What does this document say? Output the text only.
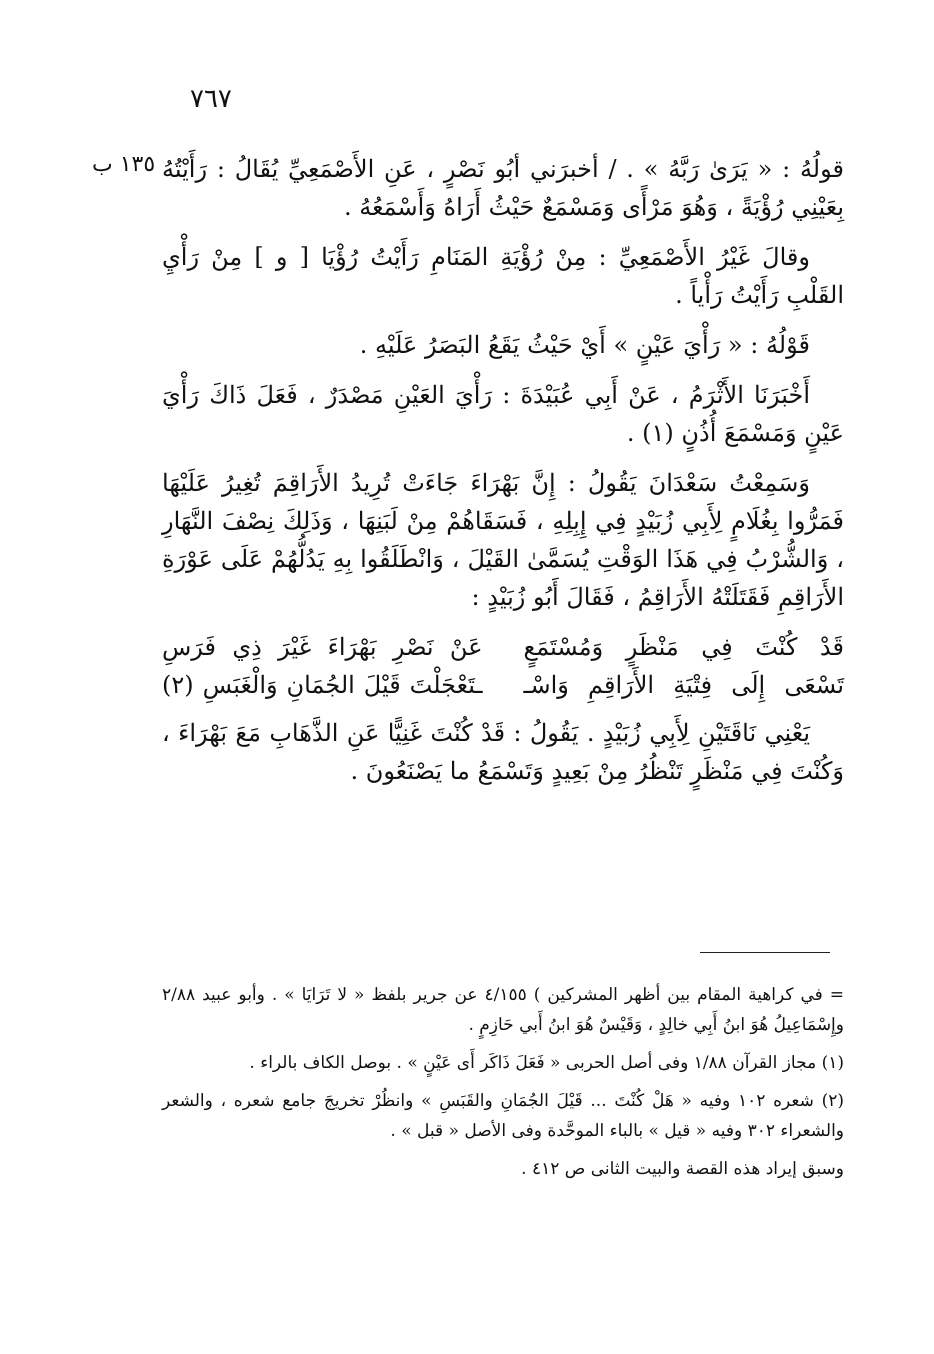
٧٦٧
١٣٥ ب قولُهُ : « يَرَىٰ رَبَّهُ » . / أخبرَني أبُو نَصْرٍ ، عَنِ الأَصْمَعِيِّ يُقَالُ : رَأَيْتُهُ بِعَيْنِي رُؤْيَةً ، وَهُوَ مَرْأًى وَمَسْمَعٌ حَيْثُ أَرَاهُ وَأَسْمَعُهُ .

وقالَ غَيْرُ الأَصْمَعِيِّ : مِنْ رُؤْيَةِ المَنَامِ رَأَيْتُ رُؤْيَا [ و ] مِنْ رَأْيِ القَلْبِ رَأَيْتُ رَأْياً .

قَوْلُهُ : « رَأْيَ عَيْنٍ » أَيْ حَيْثُ يَقَعُ البَصَرُ عَلَيْهِ .

أَخْبَرَنَا الأَثْرَمُ ، عَنْ أَبِي عُبَيْدَةَ : رَأْيَ العَيْنِ مَصْدَرٌ ، فَعَلَ ذَاكَ رَأْيَ عَيْنٍ وَمَسْمَعَ أُذُنٍ (١) .

وَسَمِعْتُ سَعْدَانَ يَقُولُ : إِنَّ بَهْرَاءَ جَاءَتْ تُرِيدُ الأَرَاقِمَ تُغِيرُ عَلَيْهَا فَمَرُّوا بِغُلَامٍ لِأَبِي زُبَيْدٍ فِي إِبِلِهِ ، فَسَقَاهُمْ مِنْ لَبَنِهَا ، وَذَلِكَ نِصْفَ النَّهَارِ ، وَالشُّرْبُ فِي هَذَا الوَقْتِ يُسَمَّىٰ القَيْلَ ، وَانْطَلَقُوا بِهِ يَدُلُّهُمْ عَلَى عَوْرَةِ الأَرَاقِمِ فَقَتَلَتْهُ الأَرَاقِمُ ، فَقَالَ أَبُو زُبَيْدٍ :

قَدْ كُنْتَ فِي مَنْظَرٍ وَمُسْتَمَعٍ
عَنْ نَصْرِ بَهْرَاءَ غَيْرَ ذِي فَرَسِ
تَسْعَى إِلَى فِتْيَةِ الأَرَاقِمِ وَاسْـ
ـتَعْجَلْتَ قَيْلَ الجُمَانِ وَالْغَبَسِ (٢)

يَعْنِي نَاقَتَيْنِ لِأَبِي زُبَيْدٍ . يَقُولُ : قَدْ كُنْتَ غَنِيًّا عَنِ الذَّهَابِ مَعَ بَهْرَاءَ ، وَكُنْتَ فِي مَنْظَرٍ تَنْظُرُ مِنْ بَعِيدٍ وَتَسْمَعُ ما يَصْنَعُونَ .

= في كراهية المقام بين أظهر المشركين ) ٤/١٥٥ عن جرير بلفظ « لا تَرَايَا » . وأبو عبيد ٢/٨٨ وإِسْمَاعِيلُ هُوَ ابنُ أَبِي خالِدٍ ، وَقَيْسٌ هُوَ ابنُ أَبي حَازِمٍ .

(١) مجاز القرآن ١/٨٨ وفى أصل الحربى « فَعَلَ ذَاكَر أَى عَيْنٍ » . بوصل الكاف بالراء .

(٢) شعره ١٠٢ وفيه « هَلْ كُنْتَ ... قَيْلَ الجُمَانِ والقَبَسِ » وانظُرْ تخريجَ جامع شعره ، والشعر والشعراء ٣٠٢ وفيه « قيل » بالباء الموحَّدة وفى الأصل « قبل » .

وسبق إيراد هذه القصة والبيت الثانى ص ٤١٢ .
